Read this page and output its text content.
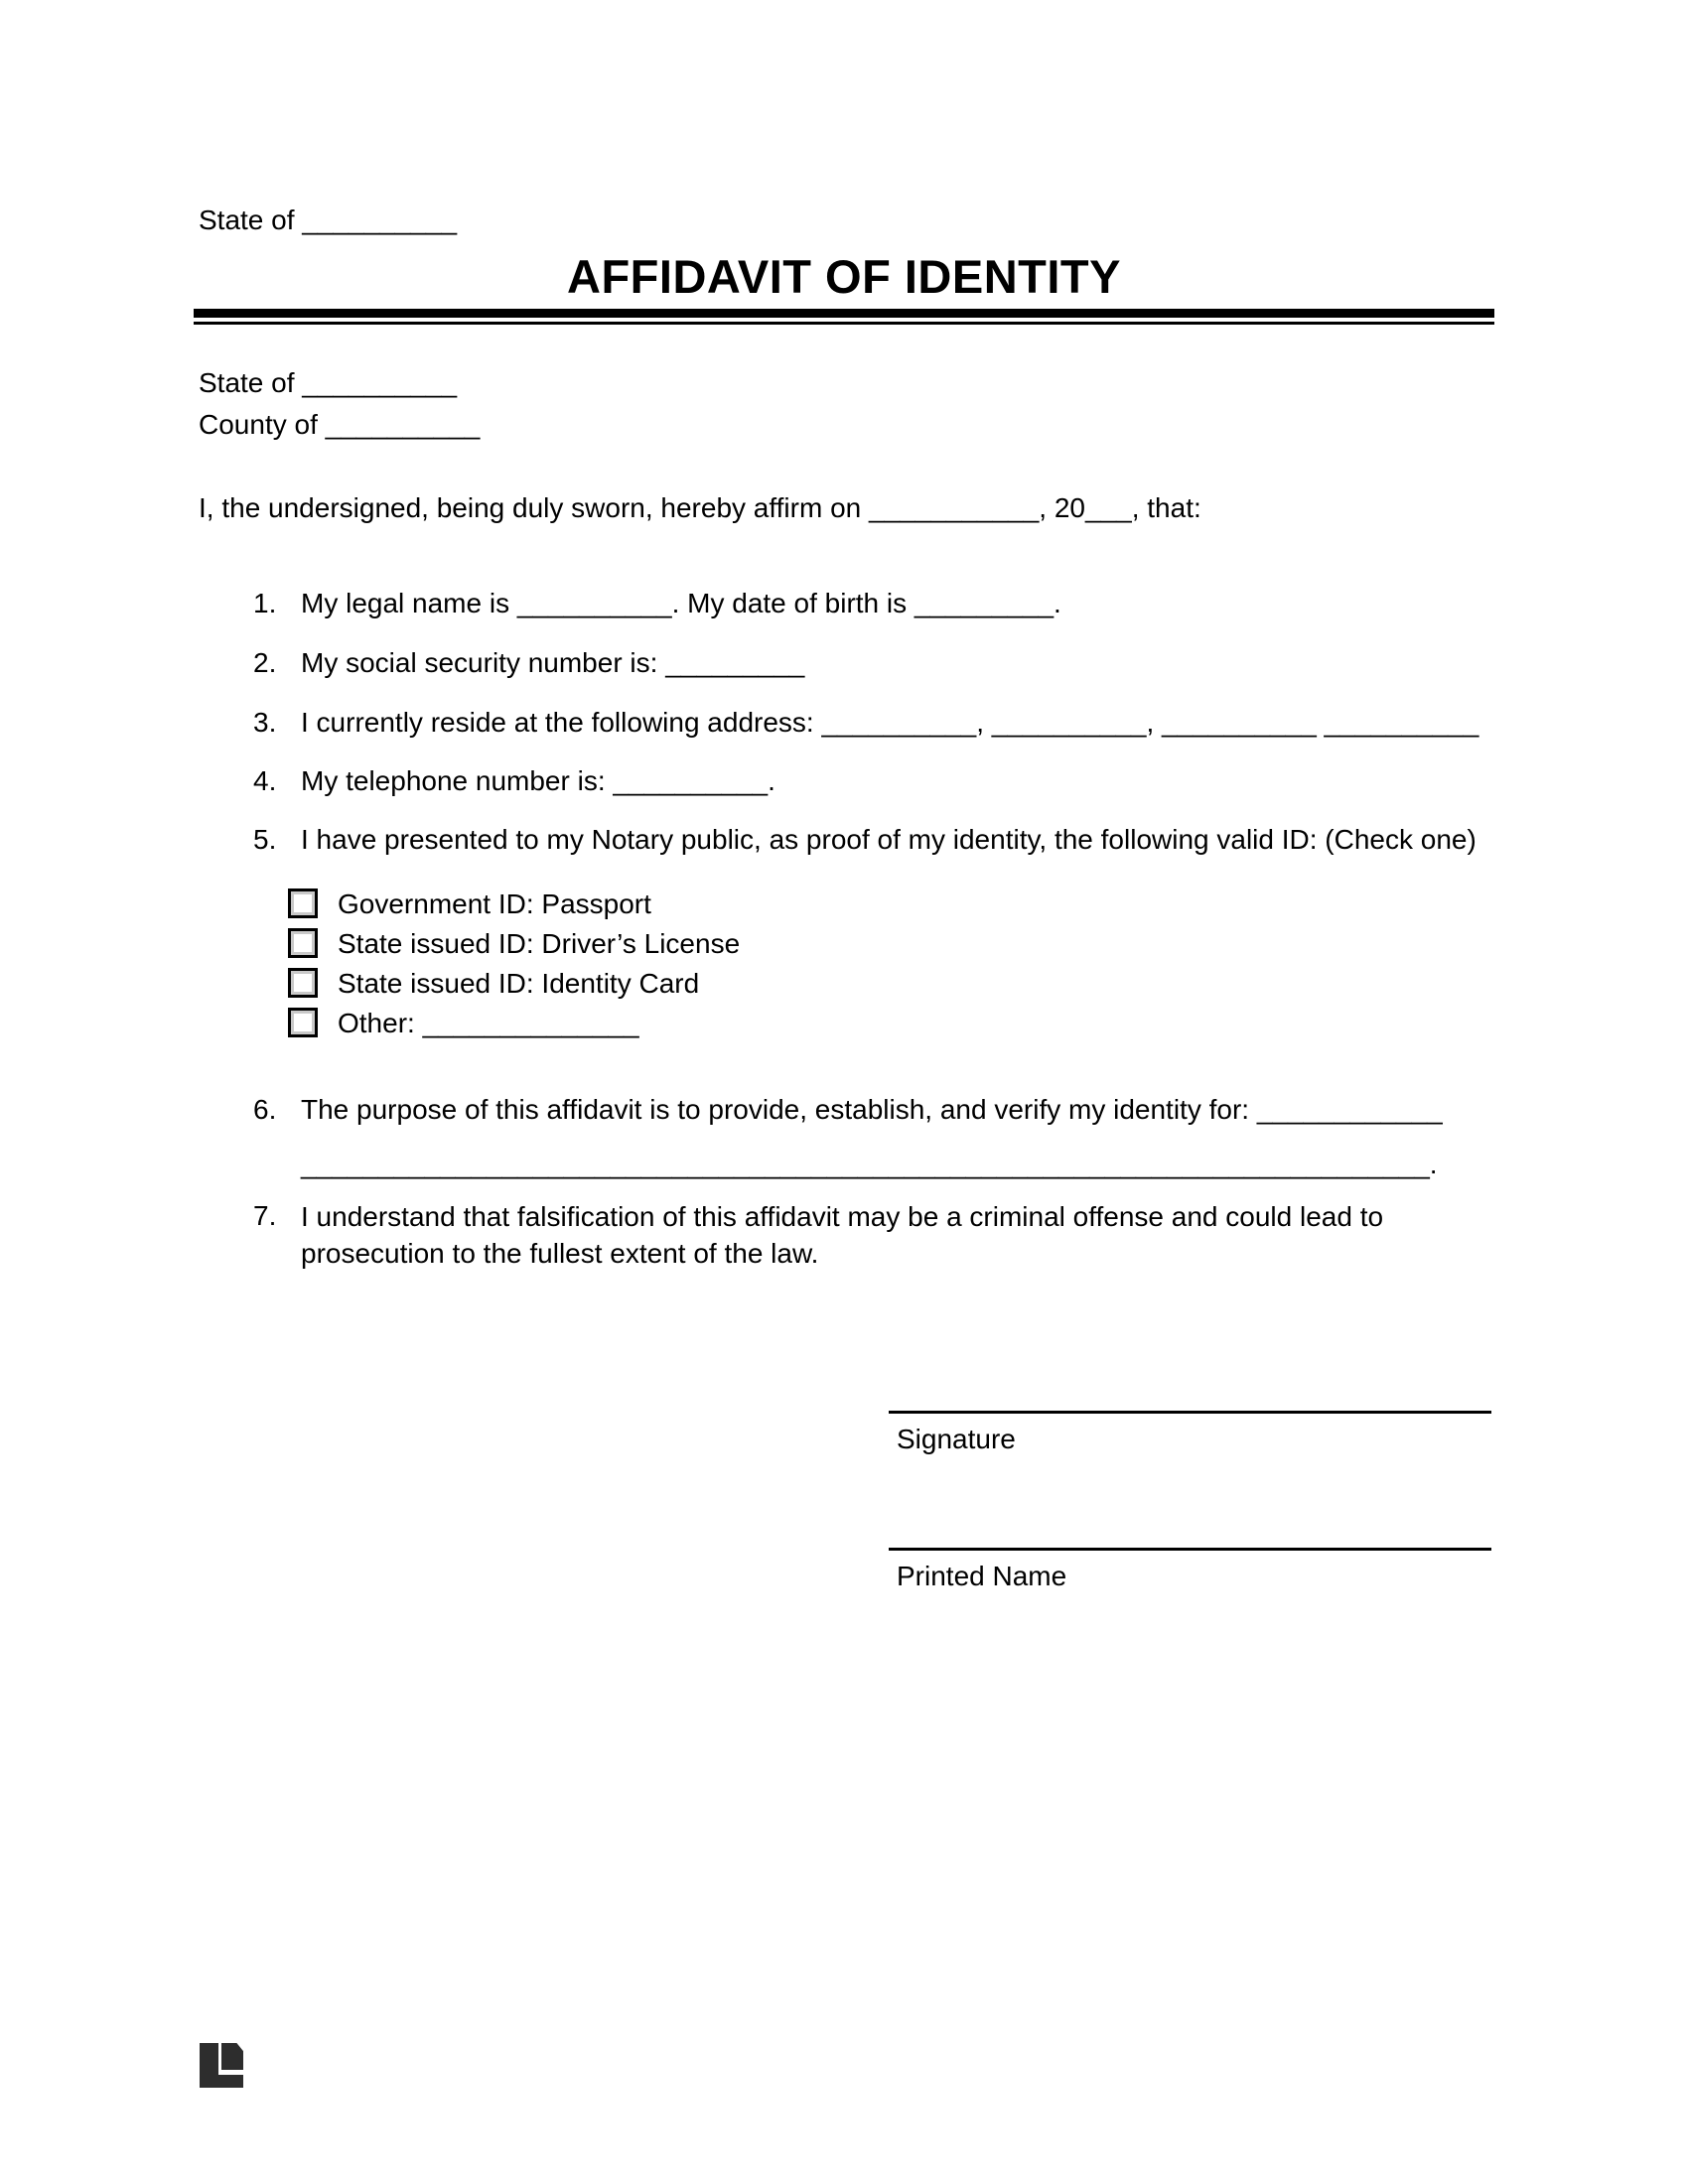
State of __________
AFFIDAVIT OF IDENTITY
State of __________
County of __________
I, the undersigned, being duly sworn, hereby affirm on ___________, 20___, that:
1. My legal name is __________. My date of birth is _________.
2. My social security number is: _________
3. I currently reside at the following address: __________, __________, __________ __________
4. My telephone number is: __________.
5. I have presented to my Notary public, as proof of my identity, the following valid ID: (Check one)
Government ID: Passport
State issued ID: Driver’s License
State issued ID: Identity Card
Other: ______________
6. The purpose of this affidavit is to provide, establish, and verify my identity for: ____________
_________________________________________________________________________.
7. I understand that falsification of this affidavit may be a criminal offense and could lead to
prosecution to the fullest extent of the law.
Signature
Printed Name
